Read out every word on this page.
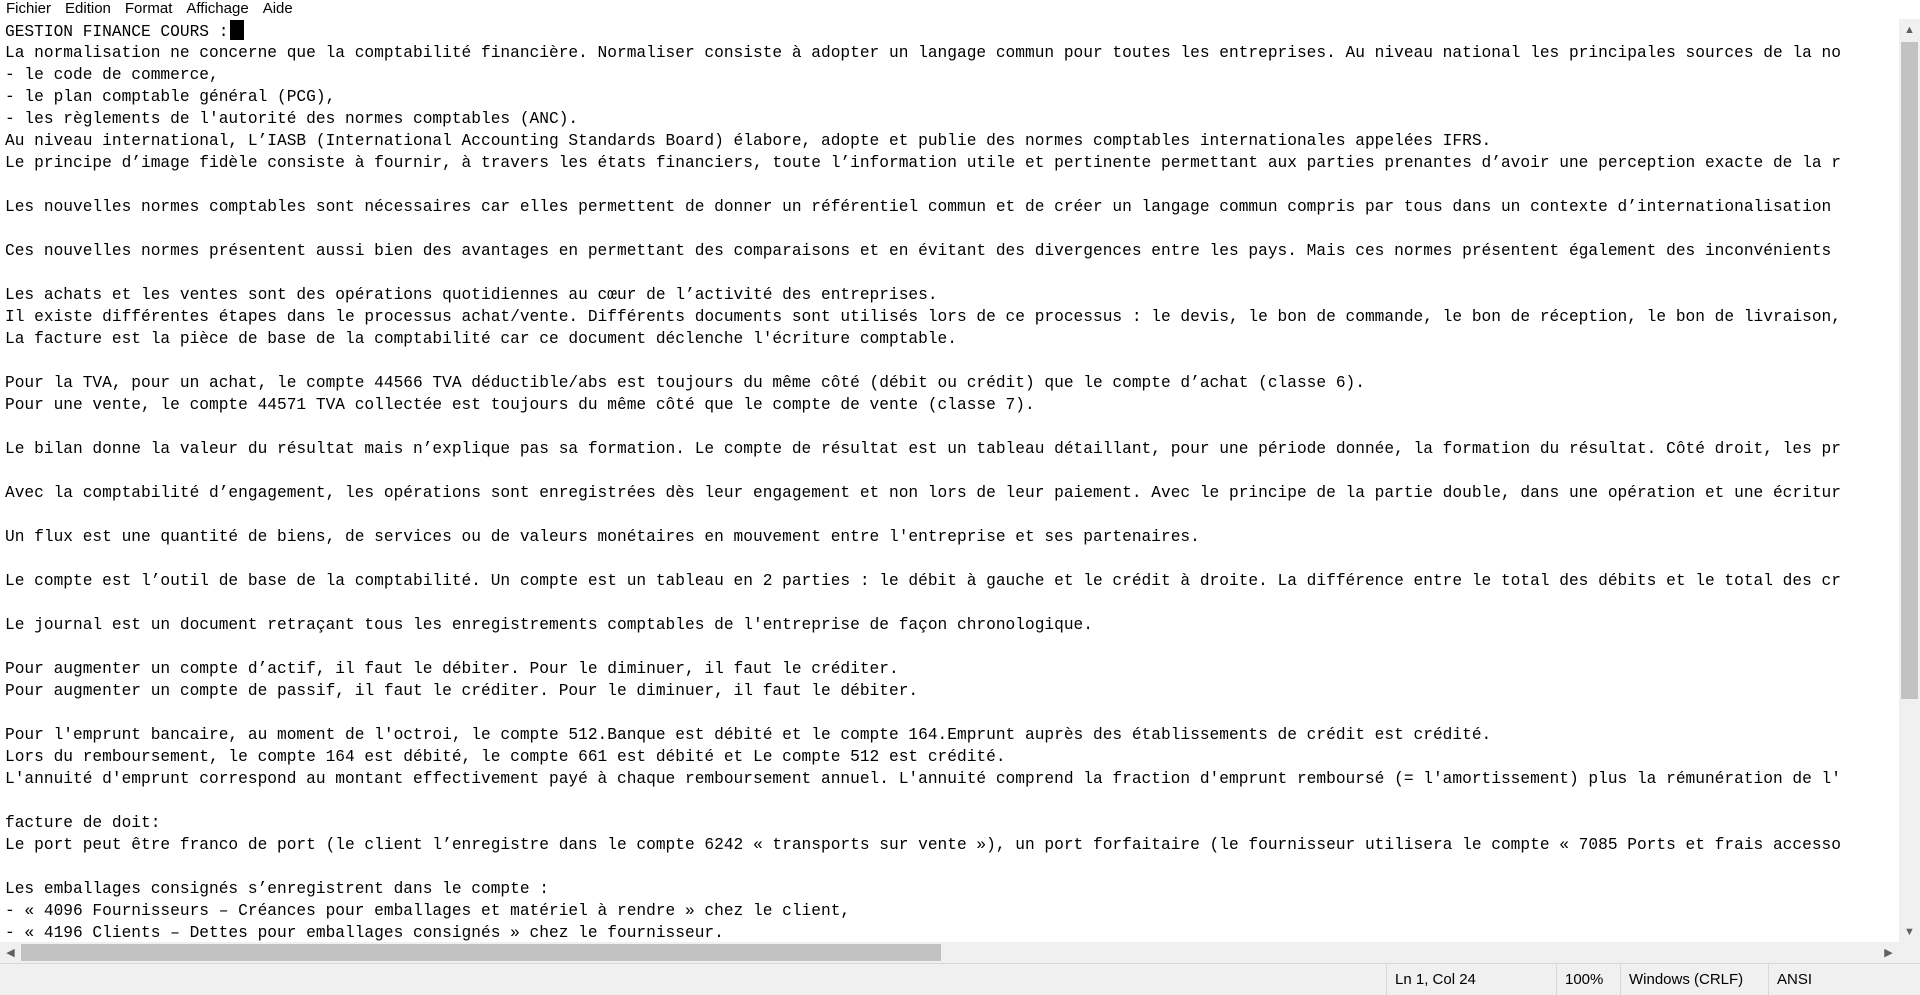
Fichier Edition Format Affichage Aide
GESTION FINANCE COURS :
La normalisation ne concerne que la comptabilité financière. Normaliser consiste à adopter un langage commun pour toutes les entreprises. Au niveau national les principales sources de la no
- le code de commerce,
- le plan comptable général (PCG),
- les règlements de l'autorité des normes comptables (ANC).
Au niveau international, L’IASB (International Accounting Standards Board) élabore, adopte et publie des normes comptables internationales appelées IFRS.
Le principe d’image fidèle consiste à fournir, à travers les états financiers, toute l’information utile et pertinente permettant aux parties prenantes d’avoir une perception exacte de la r
Les nouvelles normes comptables sont nécessaires car elles permettent de donner un référentiel commun et de créer un langage commun compris par tous dans un contexte d’internationalisation
Ces nouvelles normes présentent aussi bien des avantages en permettant des comparaisons et en évitant des divergences entre les pays. Mais ces normes présentent également des inconvénients
Les achats et les ventes sont des opérations quotidiennes au cœur de l’activité des entreprises.
Il existe différentes étapes dans le processus achat/vente. Différents documents sont utilisés lors de ce processus : le devis, le bon de commande, le bon de réception, le bon de livraison,
La facture est la pièce de base de la comptabilité car ce document déclenche l'écriture comptable.
Pour la TVA, pour un achat, le compte 44566 TVA déductible/abs est toujours du même côté (débit ou crédit) que le compte d’achat (classe 6).
Pour une vente, le compte 44571 TVA collectée est toujours du même côté que le compte de vente (classe 7).
Le bilan donne la valeur du résultat mais n’explique pas sa formation. Le compte de résultat est un tableau détaillant, pour une période donnée, la formation du résultat. Côté droit, les pr
Avec la comptabilité d’engagement, les opérations sont enregistrées dès leur engagement et non lors de leur paiement. Avec le principe de la partie double, dans une opération et une écritur
Un flux est une quantité de biens, de services ou de valeurs monétaires en mouvement entre l'entreprise et ses partenaires.
Le compte est l’outil de base de la comptabilité. Un compte est un tableau en 2 parties : le débit à gauche et le crédit à droite. La différence entre le total des débits et le total des cr
Le journal est un document retraçant tous les enregistrements comptables de l'entreprise de façon chronologique.
Pour augmenter un compte d’actif, il faut le débiter. Pour le diminuer, il faut le créditer.
Pour augmenter un compte de passif, il faut le créditer. Pour le diminuer, il faut le débiter.
Pour l'emprunt bancaire, au moment de l'octroi, le compte 512.Banque est débité et le compte 164.Emprunt auprès des établissements de crédit est crédité.
Lors du remboursement, le compte 164 est débité, le compte 661 est débité et Le compte 512 est crédité.
L'annuité d'emprunt correspond au montant effectivement payé à chaque remboursement annuel. L'annuité comprend la fraction d'emprunt remboursé (= l'amortissement) plus la rémunération de l'
facture de doit:
Le port peut être franco de port (le client l’enregistre dans le compte 6242 « transports sur vente »), un port forfaitaire (le fournisseur utilisera le compte « 7085 Ports et frais accesso
Les emballages consignés s’enregistrent dans le compte :
- « 4096 Fournisseurs – Créances pour emballages et matériel à rendre » chez le client,
- « 4196 Clients – Dettes pour emballages consignés » chez le fournisseur.
▲
▼
◀	▶
Ln 1, Col 24	100%	Windows (CRLF)	ANSI
